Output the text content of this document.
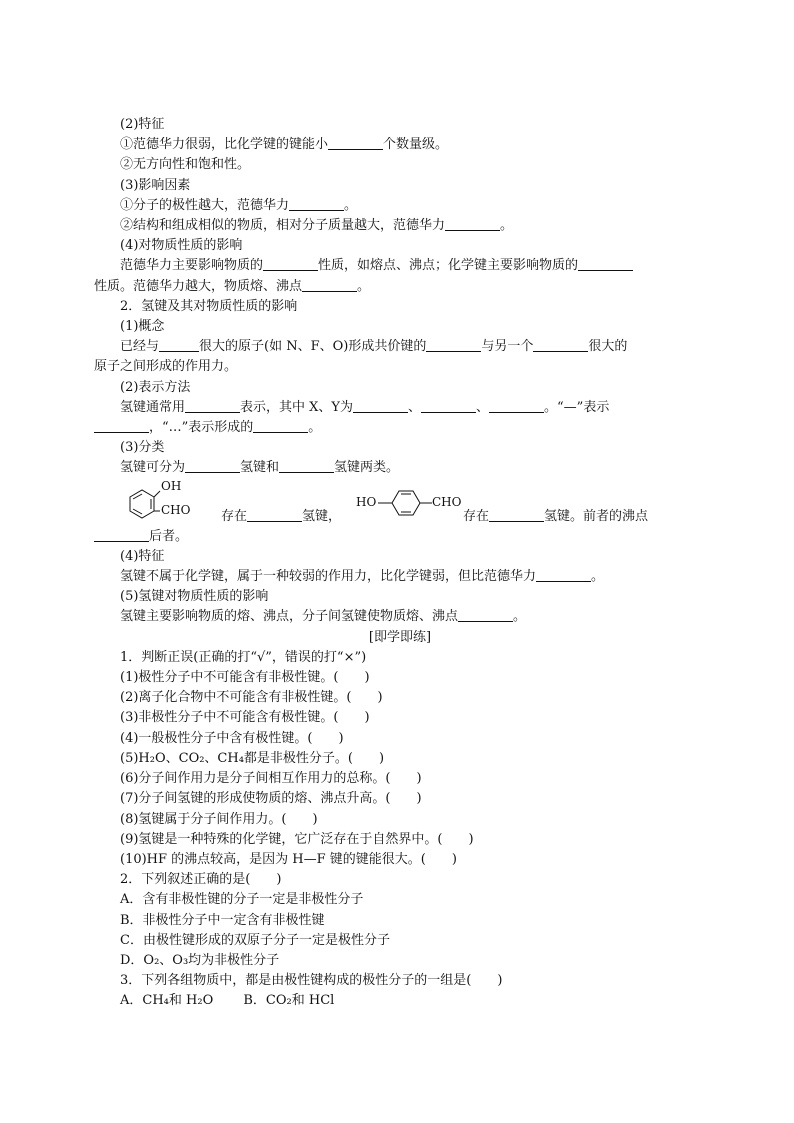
(2)特征
①范德华力很弱，比化学键的键能小	个数量级。
②无方向性和饱和性。
(3)影响因素
①分子的极性越大，范德华力	。
②结构和组成相似的物质，相对分子质量越大，范德华力	。
(4)对物质性质的影响
范德华力主要影响物质的	性质，如熔点、沸点；化学键主要影响物质的
性质。范德华力越大，物质熔、沸点	。
2．氢键及其对物质性质的影响
(1)概念
已经与	很大的原子(如 N、F、O)形成共价键的	与另一个	很大的
原子之间形成的作用力。
(2)表示方法
氢键通常用	表示，其中 X、Y为	、	、	。“—”表示
，“…”表示形成的	。
(3)分类
氢键可分为	氢键和	氢键两类。
OH
CHO 存在	氢键，
HO	CHO
存在	氢键。前者的沸点
后者。
(4)特征
氢键不属于化学键，属于一种较弱的作用力，比化学键弱，但比范德华力	。
(5)氢键对物质性质的影响
氢键主要影响物质的熔、沸点，分子间氢键使物质熔、沸点	。
[即学即练]
1．判断正误(正确的打“√”，错误的打“×”)
(1)极性分子中不可能含有非极性键。(　　)
(2)离子化合物中不可能含有非极性键。(　　)
(3)非极性分子中不可能含有极性键。(　　)
(4)一般极性分子中含有极性键。(　　)
(5)H₂O、CO₂、CH₄都是非极性分子。(　　)
(6)分子间作用力是分子间相互作用力的总称。(　　)
(7)分子间氢键的形成使物质的熔、沸点升高。(　　)
(8)氢键属于分子间作用力。(　　)
(9)氢键是一种特殊的化学键，它广泛存在于自然界中。(　　)
(10)HF 的沸点较高，是因为 H—F 键的键能很大。(　　)
2．下列叙述正确的是(　　)
A．含有非极性键的分子一定是非极性分子
B．非极性分子中一定含有非极性键
C．由极性键形成的双原子分子一定是极性分子
D．O₂、O₃均为非极性分子
3．下列各组物质中，都是由极性键构成的极性分子的一组是(　　)
A．CH₄和 H₂O　　 B．CO₂和 HCl
